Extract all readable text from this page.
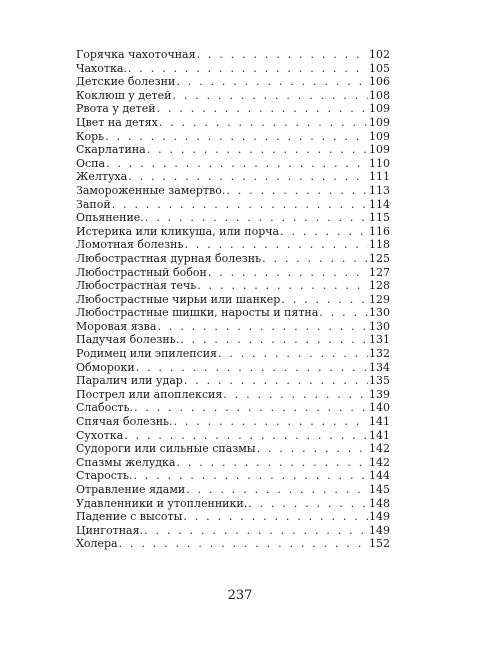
Горячка чахоточная . . .	102
Чахотка. . . .	105
Детские болезни . . .	106
Коклюш у детей . . .	108
Рвота у детей . . .	109
Цвет на детях . . .	109
Корь . . .	109
Скарлатина . . .	109
Оспа . . .	110
Желтуха . . .	111
Замороженные замертво. . . .	113
Запой . . .	114
Опьянение. . . .	115
Истерика или кликуша, или порча . . .	116
Ломотная болезнь . . .	118
Любострастная дурная болезнь . . .	125
Любострастный бобон . . .	127
Любострастная течь . . .	128
Любострастные чирьи или шанкер . . .	129
Любострастные шишки, наросты и пятна . . .	130
Моровая язва . . .	130
Падучая болезнь. . . .	131
Родимец или эпилепсия . . .	132
Обмороки . . .	134
Паралич или удар . . .	135
Пострел или апоплексия . . .	139
Слабость. . . .	140
Спячая болезнь. . . .	141
Сухотка . . .	141
Судороги или сильные спазмы . . .	142
Спазмы желудка . . .	142
Старость. . . .	144
Отравление ядами . . .	145
Удавленники и утопленники. . . .	148
Падение с высоты . . .	149
Цинготная. . . .	149
Холера . . .	152
237
